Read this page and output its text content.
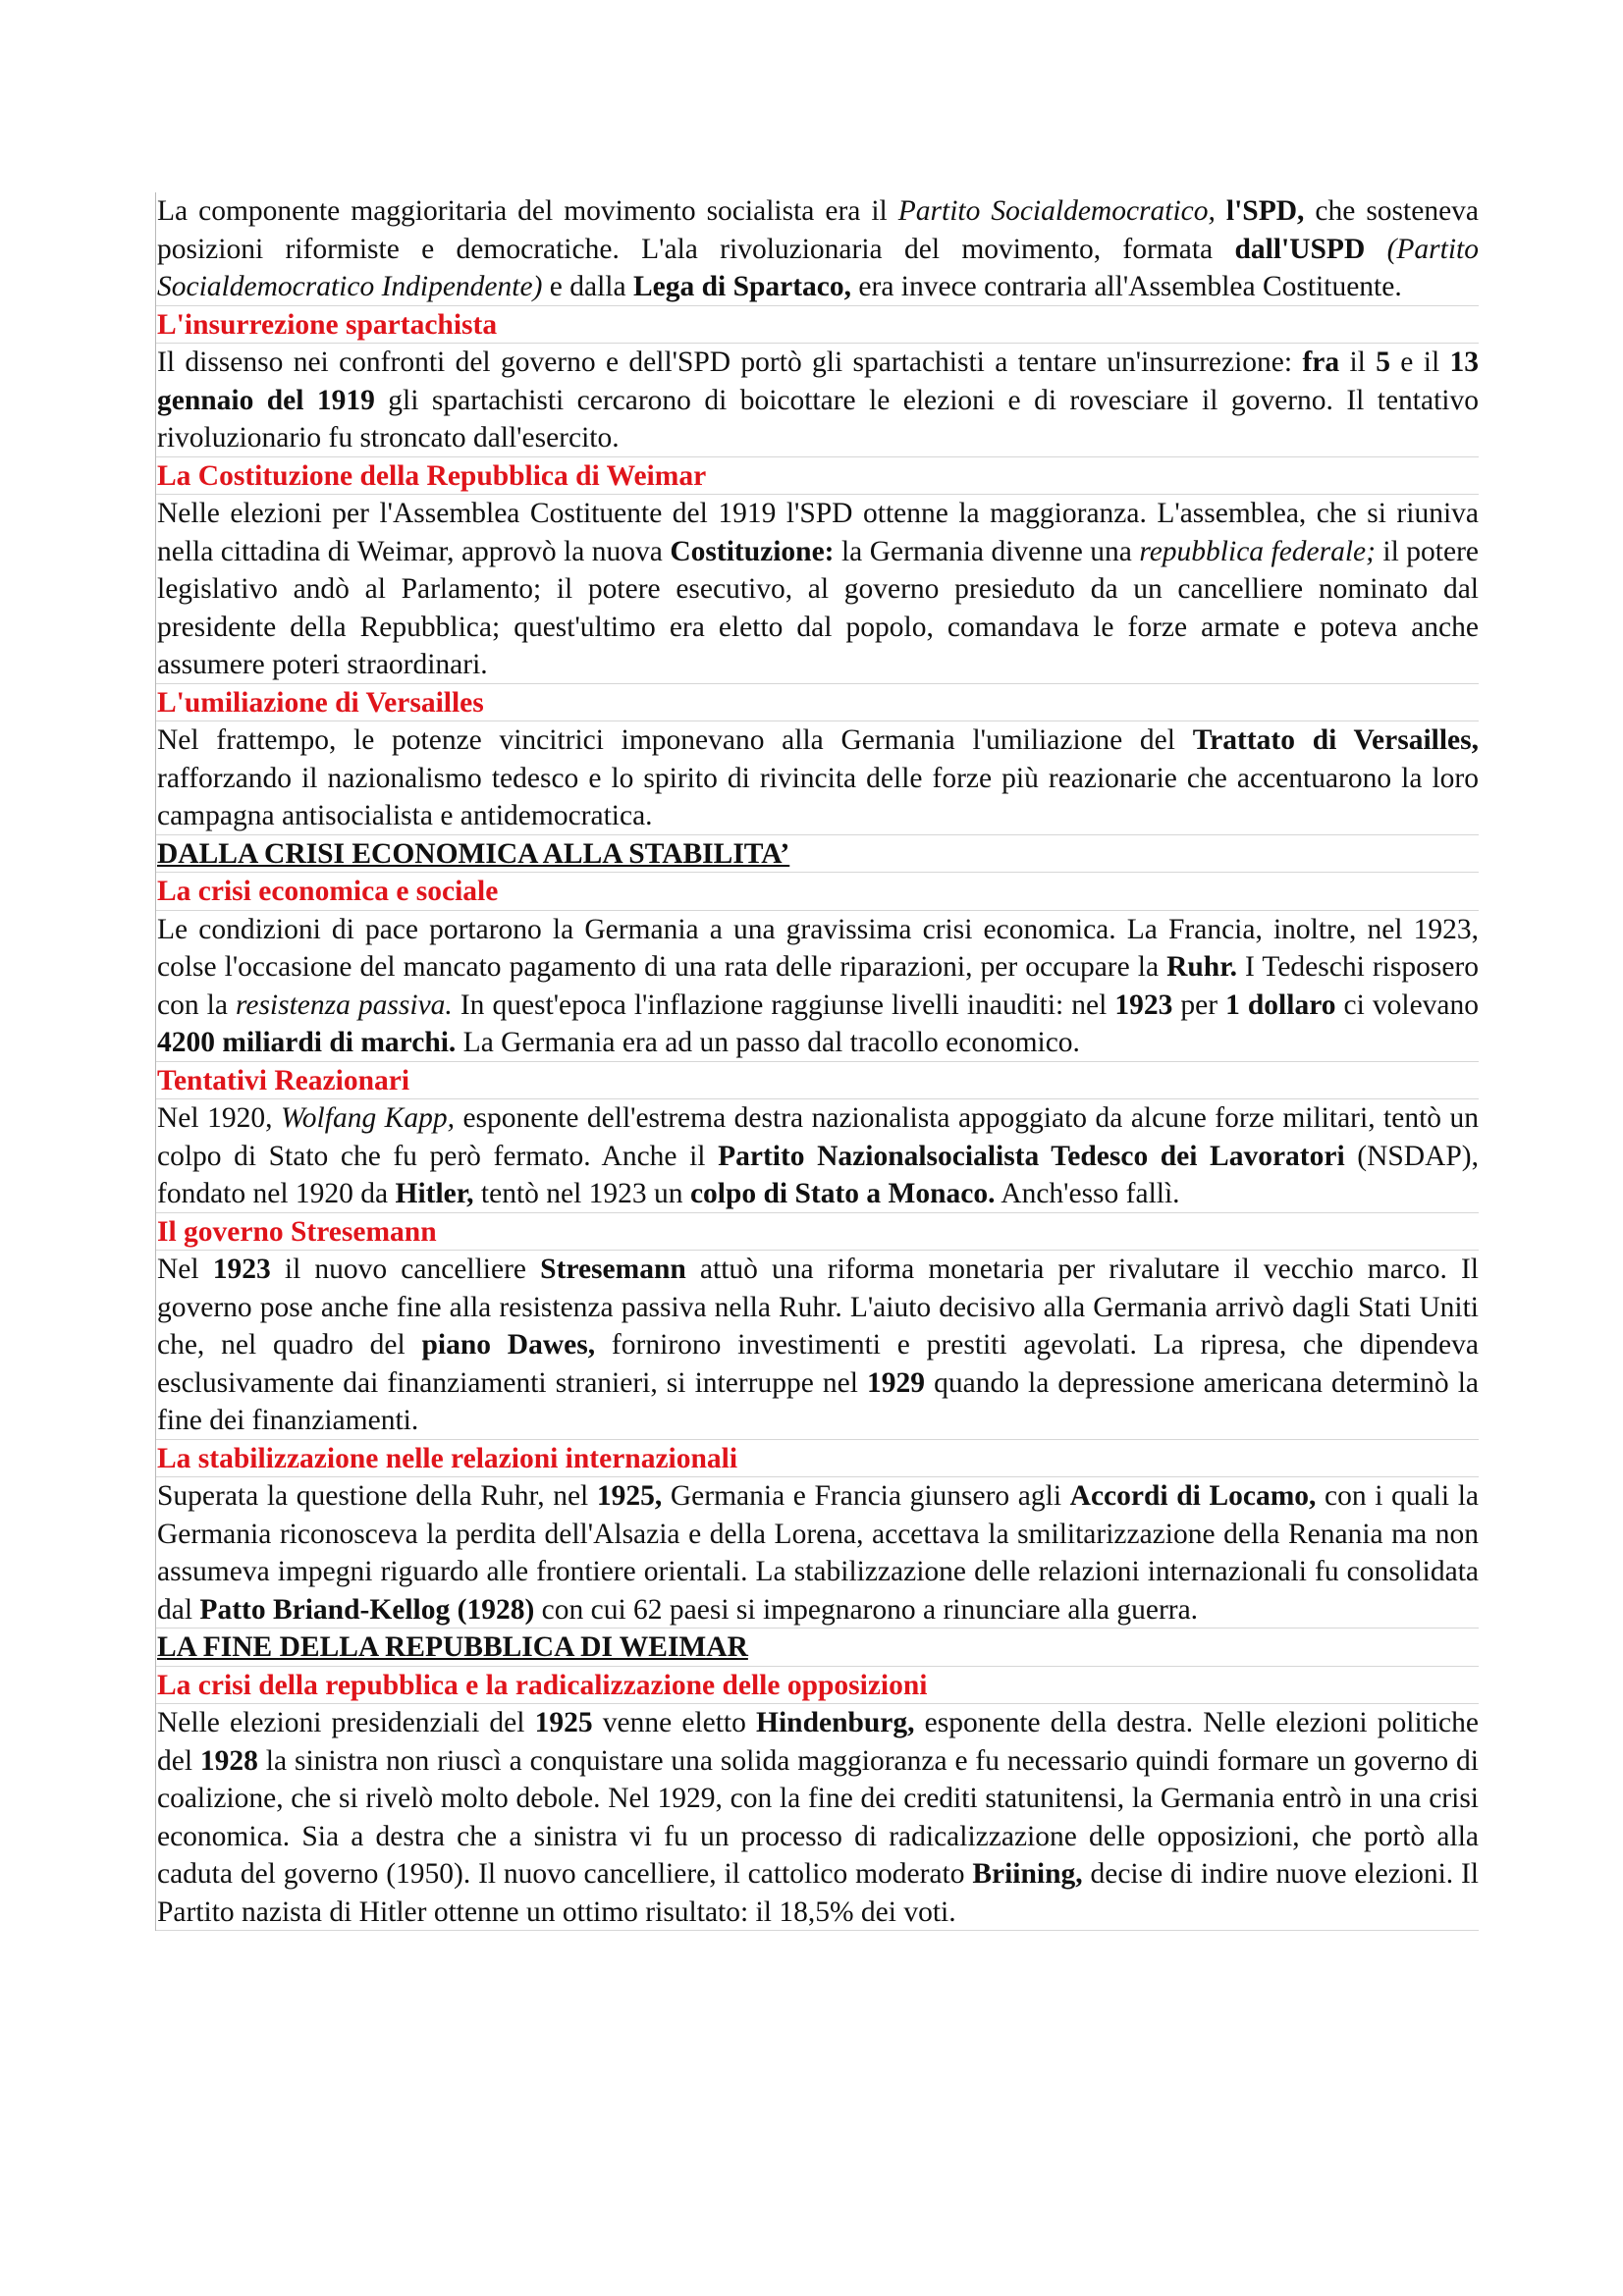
La componente maggioritaria del movimento socialista era il Partito Socialdemocratico, l'SPD, che sosteneva posizioni riformiste e democratiche. L'ala rivoluzionaria del movimento, formata dall'USPD (Partito Socialdemocratico Indipendente) e dalla Lega di Spartaco, era invece contraria all'Assemblea Costituente.
L'insurrezione spartachista
Il dissenso nei confronti del governo e dell'SPD portò gli spartachisti a tentare un'insurrezione: fra il 5 e il 13 gennaio del 1919 gli spartachisti cercarono di boicottare le elezioni e di rovesciare il governo. Il tentativo rivoluzionario fu stroncato dall'esercito.
La Costituzione della Repubblica di Weimar
Nelle elezioni per l'Assemblea Costituente del 1919 l'SPD ottenne la maggioranza. L'assemblea, che si riuniva nella cittadina di Weimar, approvò la nuova Costituzione: la Germania divenne una repubblica federale; il potere legislativo andò al Parlamento; il potere esecutivo, al governo presieduto da un cancelliere nominato dal presidente della Repubblica; quest'ultimo era eletto dal popolo, comandava le forze armate e poteva anche assumere poteri straordinari.
L'umiliazione di Versailles
Nel frattempo, le potenze vincitrici imponevano alla Germania l'umiliazione del Trattato di Versailles, rafforzando il nazionalismo tedesco e lo spirito di rivincita delle forze più reazionarie che accentuarono la loro campagna antisocialista e antidemocratica.
DALLA CRISI ECONOMICA ALLA STABILITA’
La crisi economica e sociale
Le condizioni di pace portarono la Germania a una gravissima crisi economica. La Francia, inoltre, nel 1923, colse l'occasione del mancato pagamento di una rata delle riparazioni, per occupare la Ruhr. I Tedeschi risposero con la resistenza passiva. In quest'epoca l'inflazione raggiunse livelli inauditi: nel 1923 per 1 dollaro ci volevano 4200 miliardi di marchi. La Germania era ad un passo dal tracollo economico.
Tentativi Reazionari
Nel 1920, Wolfang Kapp, esponente dell'estrema destra nazionalista appoggiato da alcune forze militari, tentò un colpo di Stato che fu però fermato. Anche il Partito Nazionalsocialista Tedesco dei Lavoratori (NSDAP), fondato nel 1920 da Hitler, tentò nel 1923 un colpo di Stato a Monaco. Anch'esso fallì.
Il governo Stresemann
Nel 1923 il nuovo cancelliere Stresemann attuò una riforma monetaria per rivalutare il vecchio marco. Il governo pose anche fine alla resistenza passiva nella Ruhr. L'aiuto decisivo alla Germania arrivò dagli Stati Uniti che, nel quadro del piano Dawes, fornirono investimenti e prestiti agevolati. La ripresa, che dipendeva esclusivamente dai finanziamenti stranieri, si interruppe nel 1929 quando la depressione americana determinò la fine dei finanziamenti.
La stabilizzazione nelle relazioni internazionali
Superata la questione della Ruhr, nel 1925, Germania e Francia giunsero agli Accordi di Locamo, con i quali la Germania riconosceva la perdita dell'Alsazia e della Lorena, accettava la smilitarizzazione della Renania ma non assumeva impegni riguardo alle frontiere orientali. La stabilizzazione delle relazioni internazionali fu consolidata dal Patto Briand-Kellog (1928) con cui 62 paesi si impegnarono a rinunciare alla guerra.
LA FINE DELLA REPUBBLICA DI WEIMAR
La crisi della repubblica e la radicalizzazione delle opposizioni
Nelle elezioni presidenziali del 1925 venne eletto Hindenburg, esponente della destra. Nelle elezioni politiche del 1928 la sinistra non riuscì a conquistare una solida maggioranza e fu necessario quindi formare un governo di coalizione, che si rivelò molto debole. Nel 1929, con la fine dei crediti statunitensi, la Germania entrò in una crisi economica. Sia a destra che a sinistra vi fu un processo di radicalizzazione delle opposizioni, che portò alla caduta del governo (1950). Il nuovo cancelliere, il cattolico moderato Briining, decise di indire nuove elezioni. Il Partito nazista di Hitler ottenne un ottimo risultato: il 18,5% dei voti.
